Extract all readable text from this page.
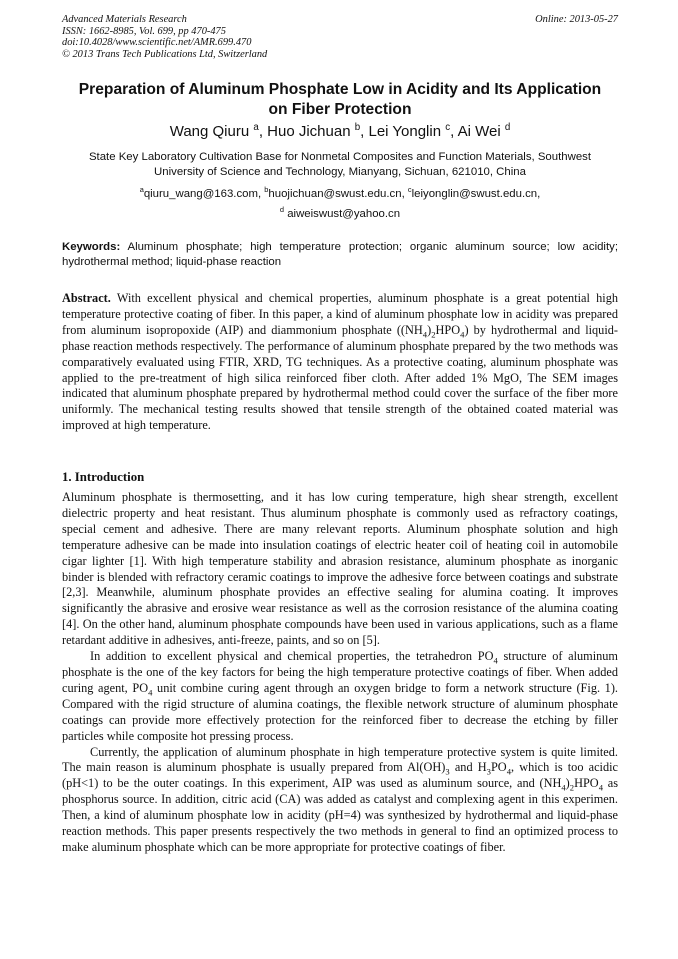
Advanced Materials Research
ISSN: 1662-8985, Vol. 699, pp 470-475
doi:10.4028/www.scientific.net/AMR.699.470
© 2013 Trans Tech Publications Ltd, Switzerland
Online: 2013-05-27
Preparation of Aluminum Phosphate Low in Acidity and Its Application
on Fiber Protection
Wang Qiuru $^a$, Huo Jichuan $^b$, Lei Yonglin $^c$, Ai Wei $^d$
State Key Laboratory Cultivation Base for Nonmetal Composites and Function Materials, Southwest
University of Science and Technology, Mianyang, Sichuan, 621010, China
$^a$qiuru_wang@163.com, $^b$huojichuan@swust.edu.cn, $^c$leiyonglin@swust.edu.cn,
$^d$ aiweiswust@yahoo.cn
Keywords: Aluminum phosphate; high temperature protection; organic aluminum source; low acidity; hydrothermal method; liquid-phase reaction
Abstract. With excellent physical and chemical properties, aluminum phosphate is a great potential high temperature protective coating of fiber. In this paper, a kind of aluminum phosphate low in acidity was prepared from aluminum isopropoxide (AIP) and diammonium phosphate $((NH_4)_2HPO_4)$ by hydrothermal and liquid-phase reaction methods respectively. The performance of aluminum phosphate prepared by the two methods was comparatively evaluated using FTIR, XRD, TG techniques. As a protective coating, aluminum phosphate was applied to the pre-treatment of high silica reinforced fiber cloth. After added 1% MgO, The SEM images indicated that aluminum phosphate prepared by hydrothermal method could cover the surface of the fiber more uniformly. The mechanical testing results showed that tensile strength of the obtained coated material was improved at high temperature.
1. Introduction

Aluminum phosphate is thermosetting, and it has low curing temperature, high shear strength, excellent dielectric property and heat resistant. Thus aluminum phosphate is commonly used as refractory coatings, special cement and adhesive. There are many relevant reports. Aluminum phosphate solution and high temperature adhesive can be made into insulation coatings of electric heater coil of heating coil in automobile cigar lighter [1]. With high temperature stability and abrasion resistance, aluminum phosphate as inorganic binder is blended with refractory ceramic coatings to improve the adhesive force between coatings and substrate [2,3]. Meanwhile, aluminum phosphate provides an effective sealing for alumina coating. It improves significantly the abrasive and erosive wear resistance as well as the corrosion resistance of the alumina coating [4]. On the other hand, aluminum phosphate compounds have been used in various applications, such as a flame retardant additive in adhesives, anti-freeze, paints, and so on [5].

In addition to excellent physical and chemical properties, the tetrahedron $PO_4$ structure of aluminum phosphate is the one of the key factors for being the high temperature protective coatings of fiber. When added curing agent, $PO_4$ unit combine curing agent through an oxygen bridge to form a network structure (Fig. 1). Compared with the rigid structure of alumina coatings, the flexible network structure of aluminum phosphate coatings can provide more effectively protection for the reinforced fiber to decrease the etching by filler particles while composite hot pressing process.

Currently, the application of aluminum phosphate in high temperature protective system is quite limited. The main reason is aluminum phosphate is usually prepared from $Al(OH)_3$ and $H_3PO_4$, which is too acidic (pH<1) to be the outer coatings. In this experiment, AIP was used as aluminum source, and $(NH_4)_2HPO_4$ as phosphorus source. In addition, citric acid (CA) was added as catalyst and complexing agent in this experimen. Then, a kind of aluminum phosphate low in acidity (pH=4) was synthesized by hydrothermal and liquid-phase reaction methods. This paper presents respectively the two methods in general to find an optimized process to make aluminum phosphate which can be more appropriate for protective coatings of fiber.
